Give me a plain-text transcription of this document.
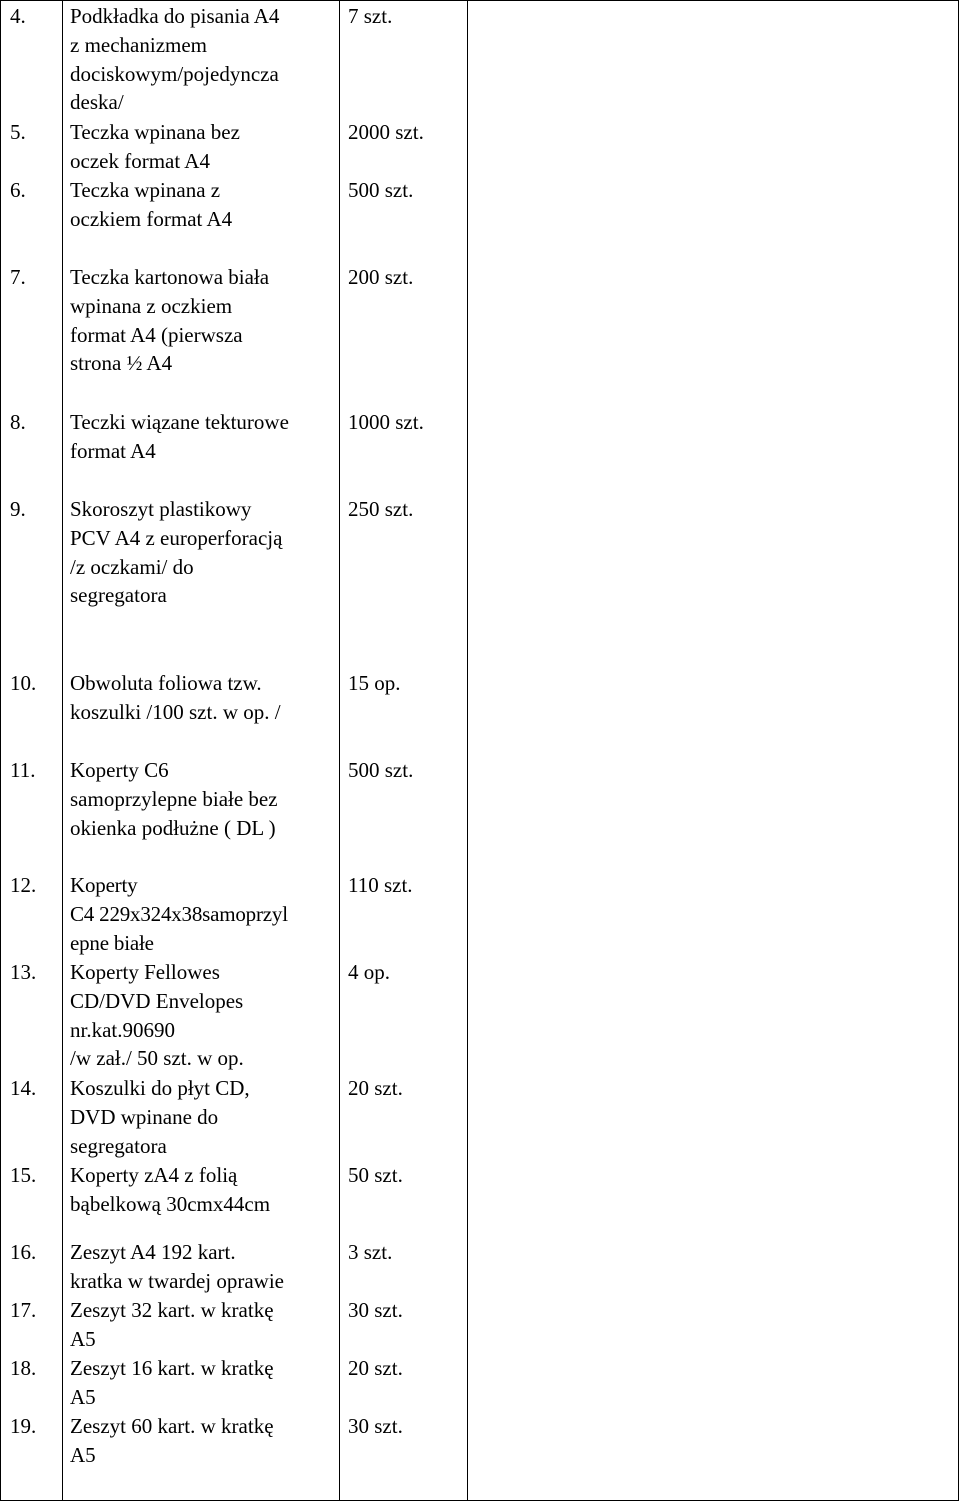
4.	Podkładka do pisania A4
z mechanizmem
dociskowym/pojedyncza
deska/
7 szt.
5.	Teczka wpinana bez
oczek format A4
2000 szt.
6.	Teczka wpinana z
oczkiem format A4
500 szt.
7.	Teczka kartonowa biała
wpinana z oczkiem
format A4 (pierwsza
strona ½ A4
200 szt.
8.	Teczki wiązane tekturowe
format A4
1000 szt.
9.	Skoroszyt plastikowy
PCV A4 z europerforacją
/z oczkami/ do
segregatora
250 szt.
10.	Obwoluta foliowa tzw.
koszulki /100 szt. w op. /
15 op.
11.	Koperty C6
samoprzylepne białe bez
okienka podłużne ( DL )
500 szt.
12.	Koperty
C4 229x324x38samoprzyl
epne białe
110 szt.
13.	Koperty Fellowes
CD/DVD Envelopes
nr.kat.90690
/w zał./ 50 szt. w op.
4 op.
14.	Koszulki do płyt CD,
DVD wpinane do
segregatora
20 szt.
15.	Koperty zA4 z folią
bąbelkową 30cmx44cm
50 szt.
16.	Zeszyt A4 192 kart.
kratka w twardej oprawie
3 szt.
17.	Zeszyt 32 kart. w kratkę
A5
30 szt.
18.	Zeszyt 16 kart. w kratkę
A5
20 szt.
19.	Zeszyt 60 kart. w kratkę
A5
30 szt.
